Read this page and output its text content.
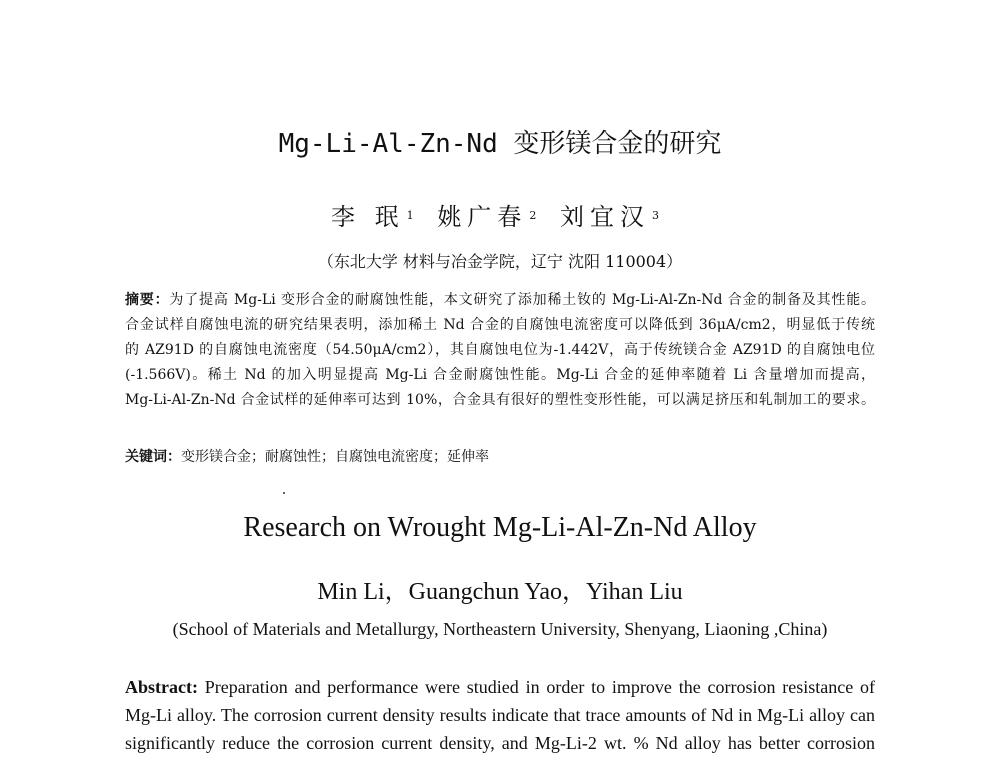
Mg-Li-Al-Zn-Nd 变形镁合金的研究
李 珉 $^1$ 姚广春 $^2$ 刘宜汉 $^3$
（东北大学 材料与冶金学院，辽宁 沈阳 110004）
摘要：为了提高 Mg-Li 变形合金的耐腐蚀性能，本文研究了添加稀土钕的 Mg-Li-Al-Zn-Nd 合金的制备及其性能。
合金试样自腐蚀电流的研究结果表明，添加稀土 Nd 合金的自腐蚀电流密度可以降低到 36μA/cm2，明显低于传统
的 AZ91D 的自腐蚀电流密度（54.50μA/cm2），其自腐蚀电位为-1.442V，高于传统镁合金 AZ91D 的自腐蚀电位
(-1.566V)。稀土 Nd 的加入明显提高 Mg-Li 合金耐腐蚀性能。Mg-Li 合金的延伸率随着 Li 含量增加而提高，
Mg-Li-Al-Zn-Nd 合金试样的延伸率可达到 10%，合金具有很好的塑性变形性能，可以满足挤压和轧制加工的要求。
关键词：变形镁合金；耐腐蚀性；自腐蚀电流密度；延伸率
Research on Wrought Mg-Li-Al-Zn-Nd Alloy
Min Li，Guangchun Yao，Yihan Liu
(School of Materials and Metallurgy, Northeastern University, Shenyang, Liaoning ,China)
Abstract: Preparation and performance were studied in order to improve the corrosion resistance of
Mg-Li alloy. The corrosion current density results indicate that trace amounts of Nd in Mg-Li alloy can
significantly reduce the corrosion current density, and Mg-Li-2 wt. % Nd alloy has better corrosion
